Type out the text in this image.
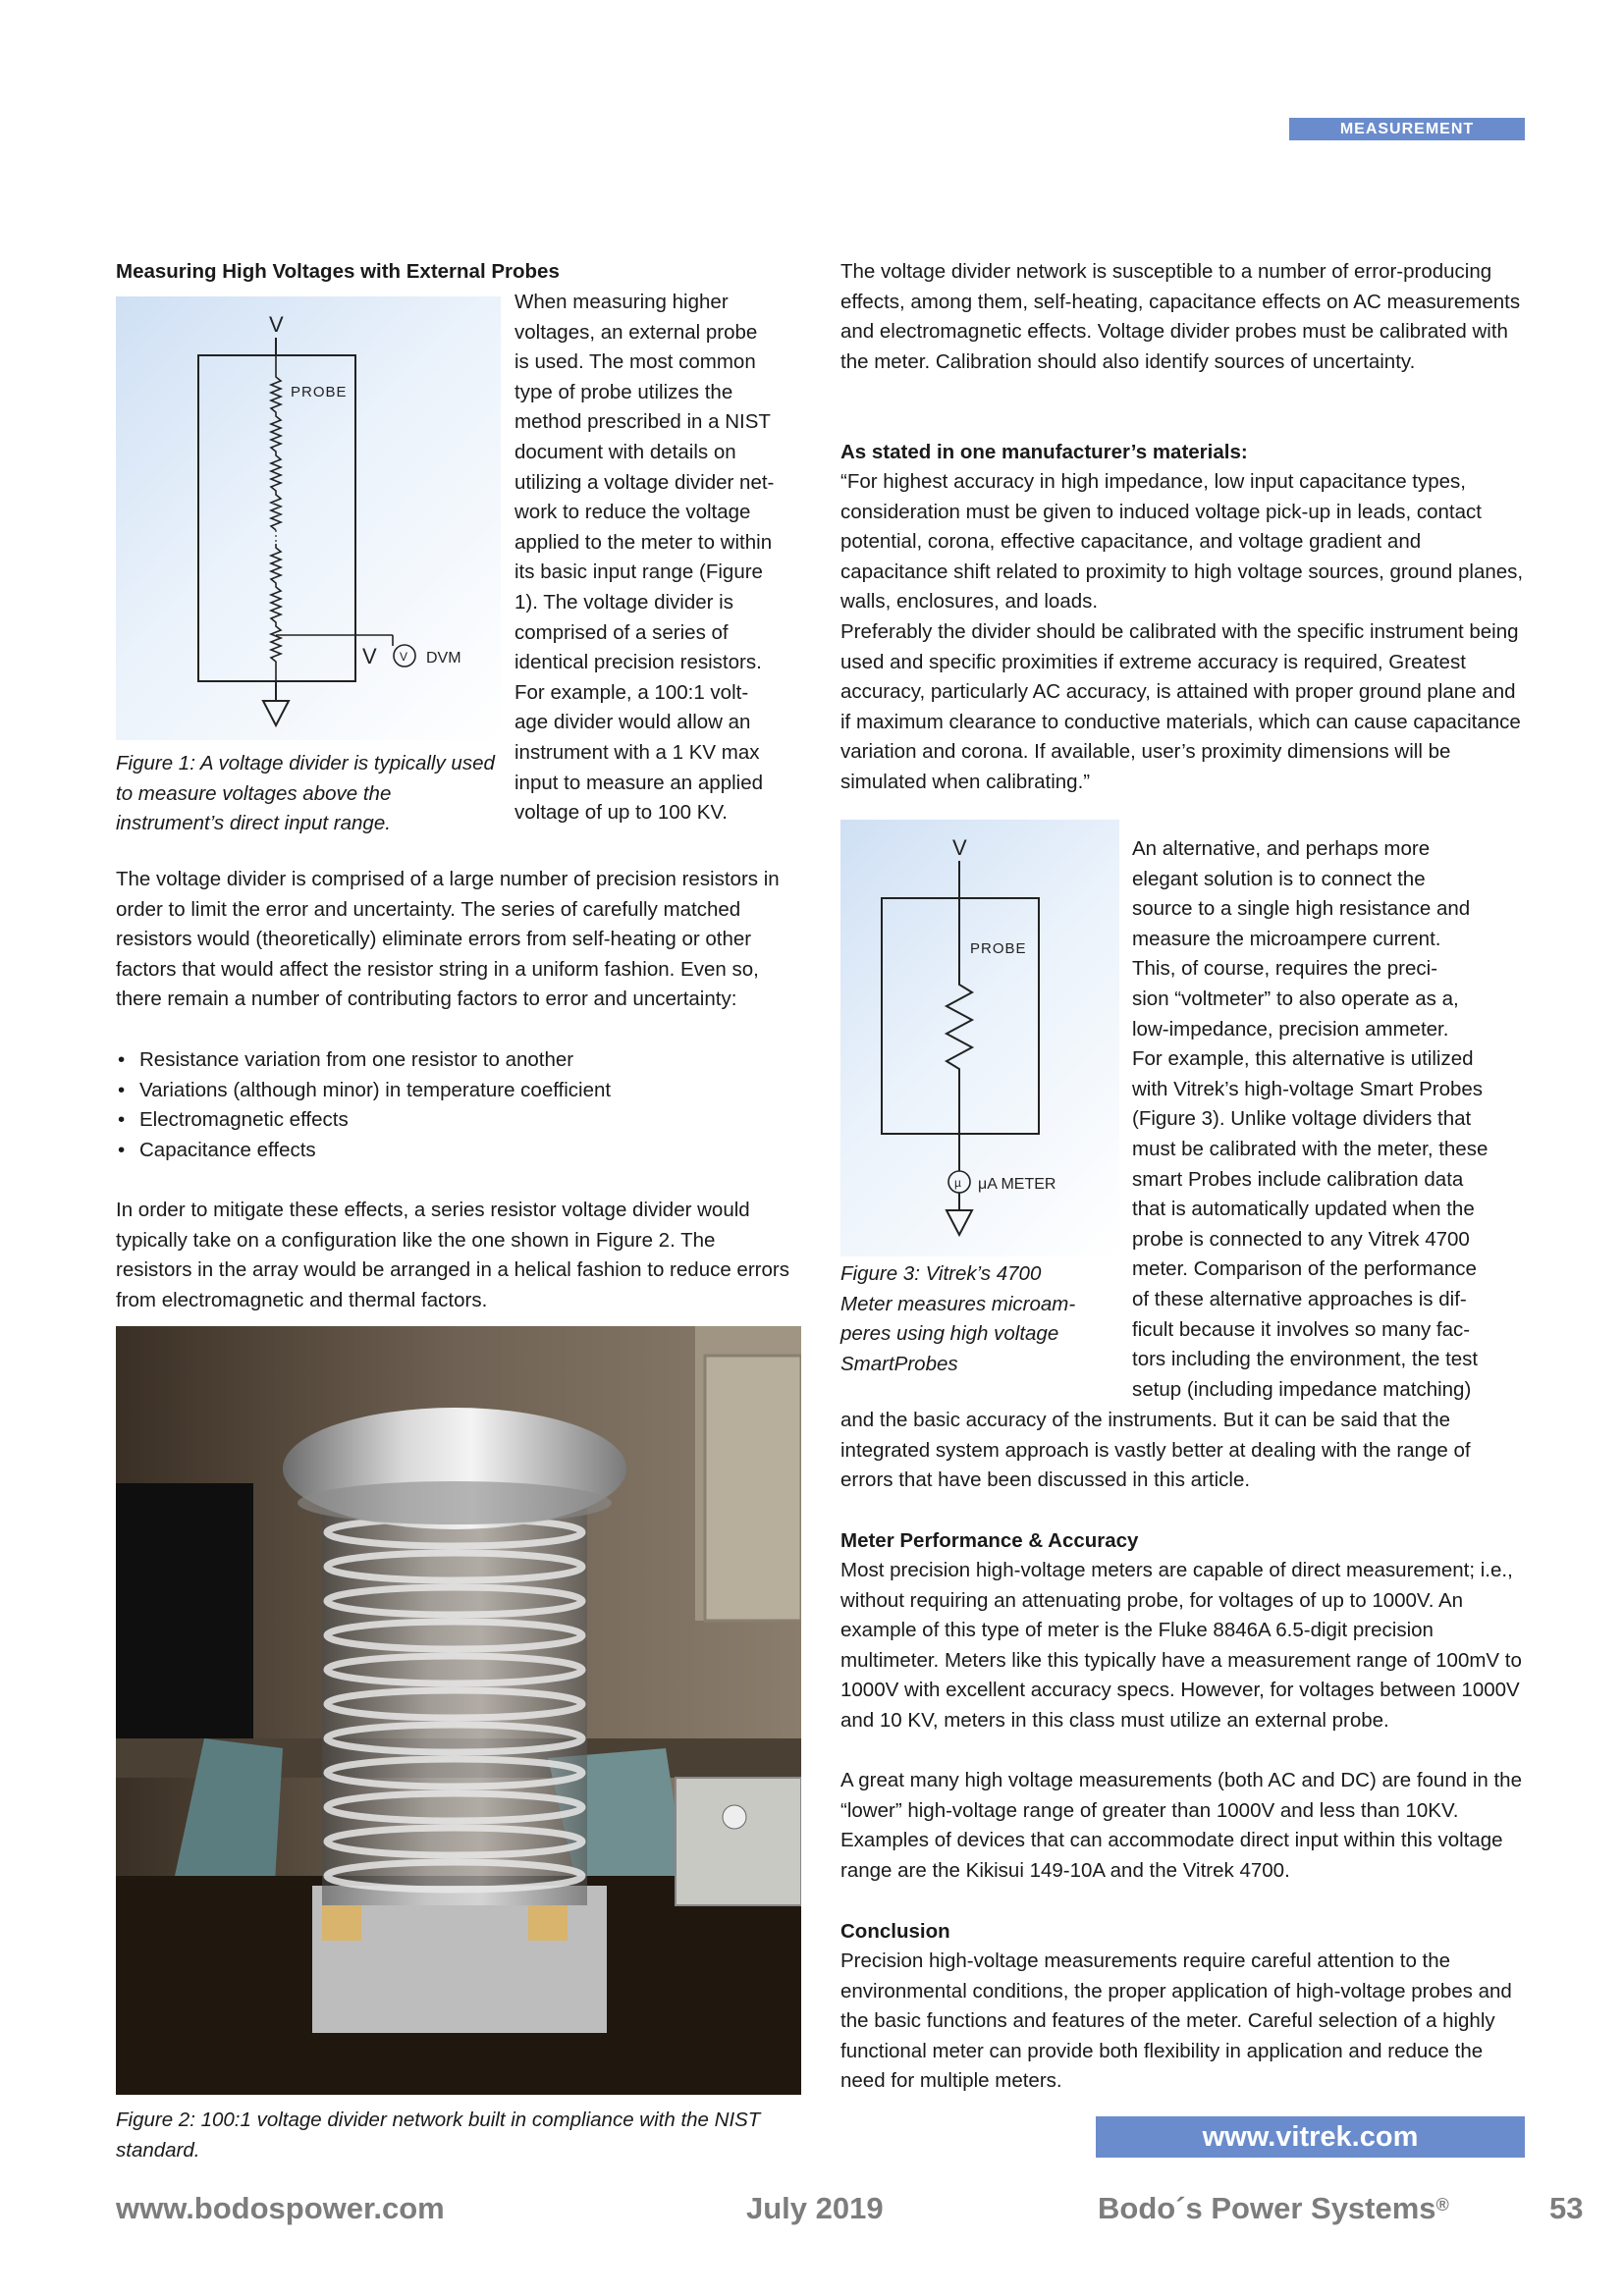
MEASUREMENT

Measuring High Voltages with External Probes

V
PROBE
V V DVM

Figure 1: A voltage divider is typically used to measure voltages above the instrument’s direct input range.

When measuring higher
voltages, an external probe
is used. The most common
type of probe utilizes the
method prescribed in a NIST
document with details on
utilizing a voltage divider net-
work to reduce the voltage
applied to the meter to within
its basic input range (Figure
1). The voltage divider is
comprised of a series of
identical precision resistors.
For example, a 100:1 volt-
age divider would allow an
instrument with a 1 KV max
input to measure an applied
voltage of up to 100 KV.

The voltage divider is comprised of a large number of precision resistors in order to limit the error and uncertainty. The series of carefully matched resistors would (theoretically) eliminate errors from self-heating or other factors that would affect the resistor string in a uniform fashion. Even so, there remain a number of contributing factors to error and uncertainty:

• Resistance variation from one resistor to another
• Variations (although minor) in temperature coefficient
• Electromagnetic effects
• Capacitance effects

In order to mitigate these effects, a series resistor voltage divider would typically take on a configuration like the one shown in Figure 2. The resistors in the array would be arranged in a helical fashion to reduce errors from electromagnetic and thermal factors.

Figure 2: 100:1 voltage divider network built in compliance with the NIST standard.

The voltage divider network is susceptible to a number of error-producing effects, among them, self-heating, capacitance effects on AC measurements and electromagnetic effects. Voltage divider probes must be calibrated with the meter. Calibration should also identify sources of uncertainty.

As stated in one manufacturer’s materials:

“For highest accuracy in high impedance, low input capacitance types, consideration must be given to induced voltage pick-up in leads, contact potential, corona, effective capacitance, and voltage gradient and capacitance shift related to proximity to high voltage sources, ground planes, walls, enclosures, and loads.

Preferably the divider should be calibrated with the specific instrument being used and specific proximities if extreme accuracy is required, Greatest accuracy, particularly AC accuracy, is attained with proper ground plane and if maximum clearance to conductive materials, which can cause capacitance variation and corona. If available, user’s proximity dimensions will be simulated when calibrating.”

V
PROBE
µ μA METER
Figure 3: Vitrek’s 4700
Meter measures microam-
peres using high voltage
SmartProbes
An alternative, and perhaps more
elegant solution is to connect the
source to a single high resistance and
measure the microampere current.
This, of course, requires the preci-
sion “voltmeter” to also operate as a,
low-impedance, precision ammeter.
For example, this alternative is utilized
with Vitrek’s high-voltage Smart Probes
(Figure 3). Unlike voltage dividers that
must be calibrated with the meter, these
smart Probes include calibration data
that is automatically updated when the
probe is connected to any Vitrek 4700
meter. Comparison of the performance
of these alternative approaches is dif-
ficult because it involves so many fac-
tors including the environment, the test
setup (including impedance matching)

and the basic accuracy of the instruments. But it can be said that the integrated system approach is vastly better at dealing with the range of errors that have been discussed in this article.

Meter Performance & Accuracy

Most precision high-voltage meters are capable of direct measurement; i.e., without requiring an attenuating probe, for voltages of up to 1000V. An example of this type of meter is the Fluke 8846A 6.5-digit precision multimeter. Meters like this typically have a measurement range of 100mV to 1000V with excellent accuracy specs. However, for voltages between 1000V and 10 KV, meters in this class must utilize an external probe.

A great many high voltage measurements (both AC and DC) are found in the “lower” high-voltage range of greater than 1000V and less than 10KV. Examples of devices that can accommodate direct input within this voltage range are the Kikisui 149-10A and the Vitrek 4700.

Conclusion

Precision high-voltage measurements require careful attention to the environmental conditions, the proper application of high-voltage probes and the basic functions and features of the meter. Careful selection of a highly functional meter can provide both flexibility in application and reduce the need for multiple meters.

www.vitrek.com
www.bodospower.com	July 2019	Bodo´s Power Systems®	53
